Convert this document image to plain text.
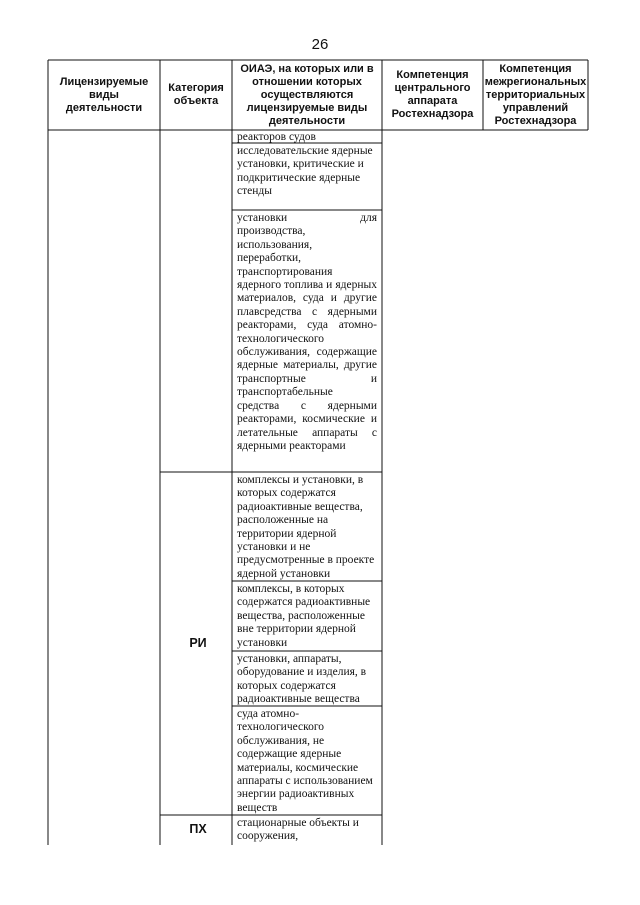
26
Лицензируемые виды деятельности
Категория объекта
ОИАЭ, на которых или в отношении которых осуществляются лицензируемые виды деятельности
Компетенция центрального аппарата Ростехнадзора
Компетенция межрегиональных территориальных управлений Ростехнадзора
реакторов судов
исследовательские ядерные установки, критические и подкритические ядерные стенды
установки для производства, использования, переработки, транспортирования ядерного топлива и ядерных материалов, суда и другие плавсредства с ядерными реакторами, суда атомно-технологического обслуживания, содержащие ядерные материалы, другие транспортные и транспортабельные средства с ядерными реакторами, космические и летательные аппараты с ядерными реакторами
комплексы и установки, в которых содержатся радиоактивные вещества, расположенные на территории ядерной установки и не предусмотренные в проекте ядерной установки
комплексы, в которых содержатся радиоактивные вещества, расположенные вне территории ядерной установки
установки, аппараты, оборудование и изделия, в которых содержатся радиоактивные вещества
суда атомно-технологического обслуживания, не содержащие ядерные материалы, космические аппараты с использованием энергии радиоактивных веществ
стационарные объекты и сооружения,
РИ
ПХ
